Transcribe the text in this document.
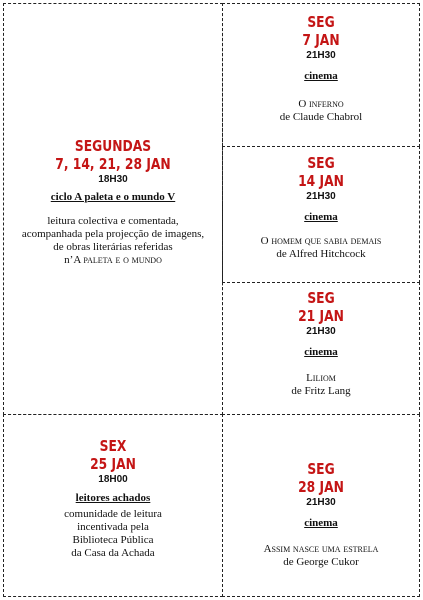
SEGUNDAS
7, 14, 21, 28 JAN
18H30
ciclo A paleta e o mundo V
leitura colectiva e comentada,
acompanhada pela projecção de imagens,
de obras literárias referidas
n’A paleta e o mundo
SEX
25 JAN
18H00
leitores achados
comunidade de leitura
incentivada pela
Biblioteca Pública
da Casa da Achada
SEG
7 JAN
21H30
cinema
O inferno
de Claude Chabrol
SEG
14 JAN
21H30
cinema
O homem que sabia demais
de Alfred Hitchcock
SEG
21 JAN
21H30
cinema
Liliom
de Fritz Lang
SEG
28 JAN
21H30
cinema
Assim nasce uma estrela
de George Cukor
